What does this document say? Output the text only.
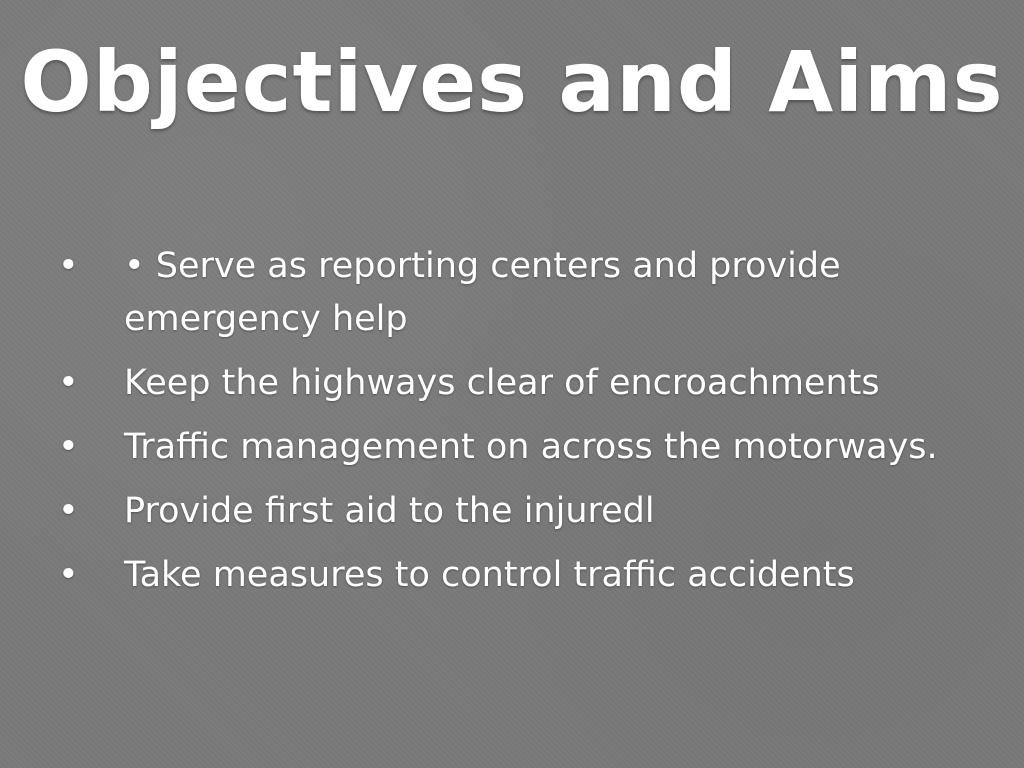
Objectives and Aims
• • Serve as reporting centers and provide emergency help
• Keep the highways clear of encroachments
• Traffic management on across the motorways.
• Provide first aid to the injuredl
• Take measures to control traffic accidents
